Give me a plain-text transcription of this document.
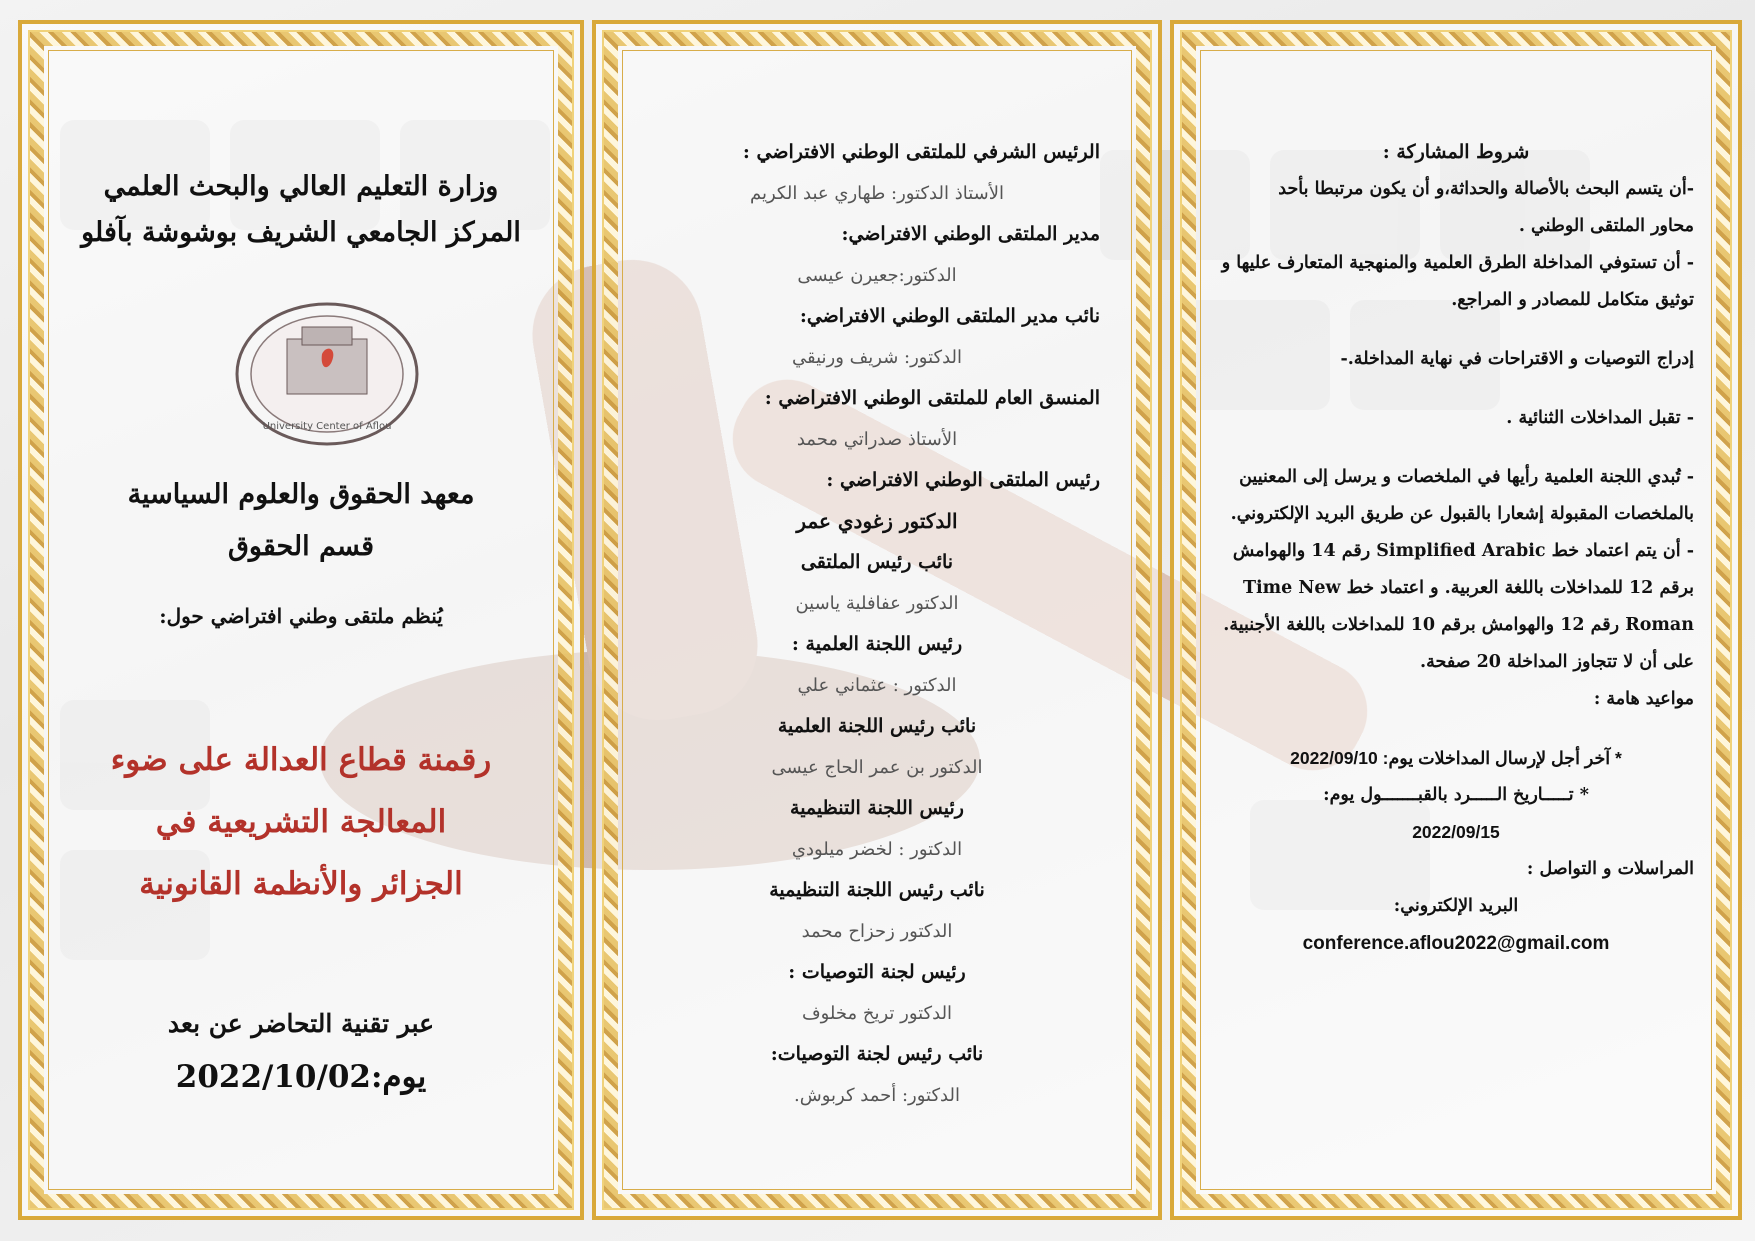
وزارة التعليم العالي والبحث العلمي
المركز الجامعي الشريف بوشوشة بآفلو
University Center of Aflou
معهد الحقوق والعلوم السياسية
قسم الحقوق
يُنظم ملتقى وطني افتراضي حول:
رقمنة قطاع العدالة على ضوء
المعالجة التشريعية في
الجزائر والأنظمة القانونية
عبر تقنية التحاضر عن بعد
يوم:2022/10/02
الرئيس الشرفي للملتقى الوطني الافتراضي :
الأستاذ الدكتور: طهاري عبد الكريم
مدير الملتقى الوطني الافتراضي:
الدكتور:جعيرن عيسى
نائب مدير الملتقى الوطني الافتراضي:
الدكتور: شريف ورنيقي
المنسق العام للملتقى الوطني الافتراضي :
الأستاذ صدراتي محمد
رئيس الملتقى الوطني الافتراضي :
الدكتور زغودي عمر
نائب رئيس الملتقى
الدكتور عفافلية ياسين
رئيس اللجنة العلمية :
الدكتور : عثماني علي
نائب رئيس اللجنة العلمية
الدكتور بن عمر الحاج عيسى
رئيس اللجنة التنظيمية
الدكتور : لخضر ميلودي
نائب رئيس اللجنة التنظيمية
الدكتور زحزاح محمد
رئيس لجنة التوصيات :
الدكتور تريخ مخلوف
نائب رئيس لجنة التوصيات:
الدكتور: أحمد كربوش.
شروط المشاركة :
-أن يتسم البحث بالأصالة والحداثة،و أن يكون مرتبطا بأحد
محاور الملتقى الوطني .
- أن تستوفي المداخلة الطرق العلمية والمنهجية المتعارف عليها و
توثيق متكامل للمصادر و المراجع.
إدراج التوصيات و الاقتراحات في نهاية المداخلة.-
- تقبل المداخلات الثنائية .
- تُبدي اللجنة العلمية رأيها في الملخصات و يرسل إلى المعنيين
بالملخصات المقبولة إشعارا بالقبول عن طريق البريد الإلكتروني.
- أن يتم اعتماد خط Simplified Arabic رقم 14 والهوامش
برقم 12 للمداخلات باللغة العربية. و اعتماد خط Time New
Roman رقم 12 والهوامش برقم 10 للمداخلات باللغة الأجنبية.
على أن لا تتجاوز المداخلة 20 صفحة.
مواعيد هامة :
* آخر أجل لإرسال المداخلات يوم: 2022/09/10
* تـــــاريخ الـــــرد بالقبـــــــول يوم:
2022/09/15
المراسلات و التواصل :
البريد الإلكتروني:
conference.aflou2022@gmail.com
